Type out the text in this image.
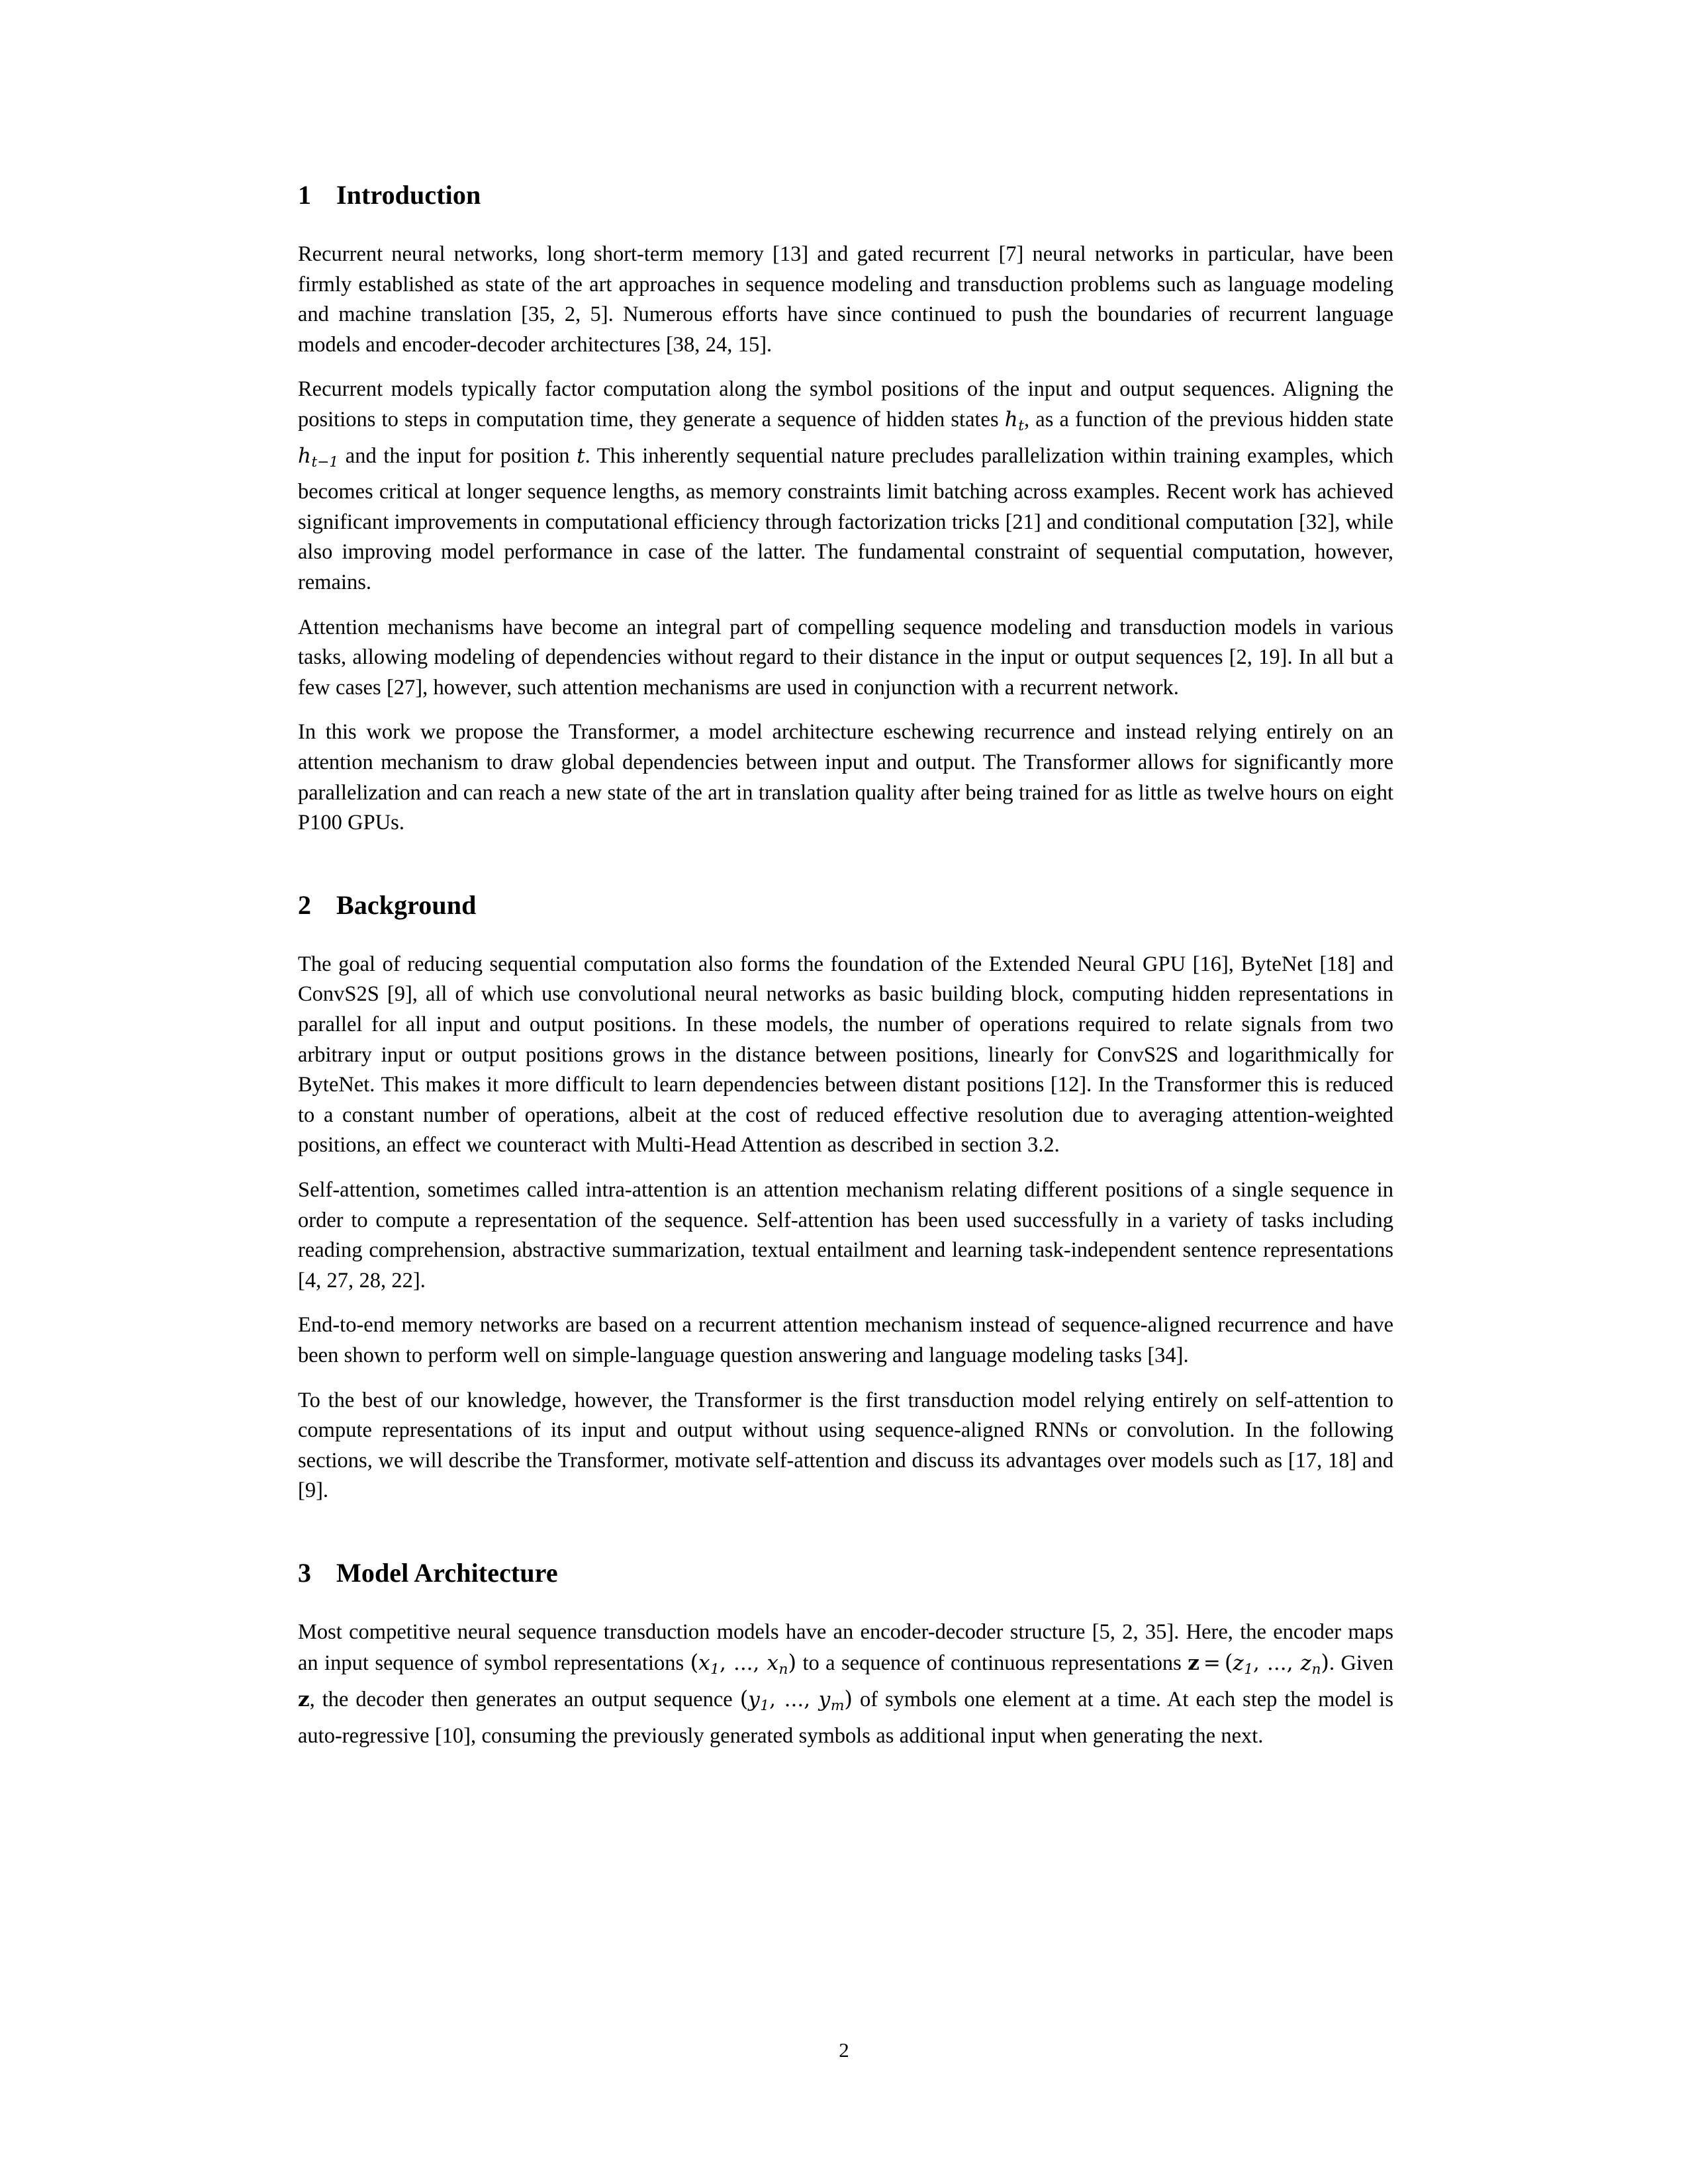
1 Introduction

Recurrent neural networks, long short-term memory [13] and gated recurrent [7] neural networks in particular, have been firmly established as state of the art approaches in sequence modeling and transduction problems such as language modeling and machine translation [35, 2, 5]. Numerous efforts have since continued to push the boundaries of recurrent language models and encoder-decoder architectures [38, 24, 15].

Recurrent models typically factor computation along the symbol positions of the input and output sequences. Aligning the positions to steps in computation time, they generate a sequence of hidden states $h_t$, as a function of the previous hidden state $h_{t-1}$ and the input for position t. This inherently sequential nature precludes parallelization within training examples, which becomes critical at longer sequence lengths, as memory constraints limit batching across examples. Recent work has achieved significant improvements in computational efficiency through factorization tricks [21] and conditional computation [32], while also improving model performance in case of the latter. The fundamental constraint of sequential computation, however, remains.

Attention mechanisms have become an integral part of compelling sequence modeling and transduction models in various tasks, allowing modeling of dependencies without regard to their distance in the input or output sequences [2, 19]. In all but a few cases [27], however, such attention mechanisms are used in conjunction with a recurrent network.

In this work we propose the Transformer, a model architecture eschewing recurrence and instead relying entirely on an attention mechanism to draw global dependencies between input and output. The Transformer allows for significantly more parallelization and can reach a new state of the art in translation quality after being trained for as little as twelve hours on eight P100 GPUs.

2 Background

The goal of reducing sequential computation also forms the foundation of the Extended Neural GPU [16], ByteNet [18] and ConvS2S [9], all of which use convolutional neural networks as basic building block, computing hidden representations in parallel for all input and output positions. In these models, the number of operations required to relate signals from two arbitrary input or output positions grows in the distance between positions, linearly for ConvS2S and logarithmically for ByteNet. This makes it more difficult to learn dependencies between distant positions [12]. In the Transformer this is reduced to a constant number of operations, albeit at the cost of reduced effective resolution due to averaging attention-weighted positions, an effect we counteract with Multi-Head Attention as described in section 3.2.

Self-attention, sometimes called intra-attention is an attention mechanism relating different positions of a single sequence in order to compute a representation of the sequence. Self-attention has been used successfully in a variety of tasks including reading comprehension, abstractive summarization, textual entailment and learning task-independent sentence representations [4, 27, 28, 22].

End-to-end memory networks are based on a recurrent attention mechanism instead of sequence-aligned recurrence and have been shown to perform well on simple-language question answering and language modeling tasks [34].

To the best of our knowledge, however, the Transformer is the first transduction model relying entirely on self-attention to compute representations of its input and output without using sequence-aligned RNNs or convolution. In the following sections, we will describe the Transformer, motivate self-attention and discuss its advantages over models such as [17, 18] and [9].

3 Model Architecture

Most competitive neural sequence transduction models have an encoder-decoder structure [5, 2, 35]. Here, the encoder maps an input sequence of symbol representations ($x_1$, ..., $x_n$) to a sequence of continuous representations $z = (z_1$, ..., $z_n$). Given z, the decoder then generates an output sequence ($y_1$, ..., $y_m$) of symbols one element at a time. At each step the model is auto-regressive [10], consuming the previously generated symbols as additional input when generating the next.

2
